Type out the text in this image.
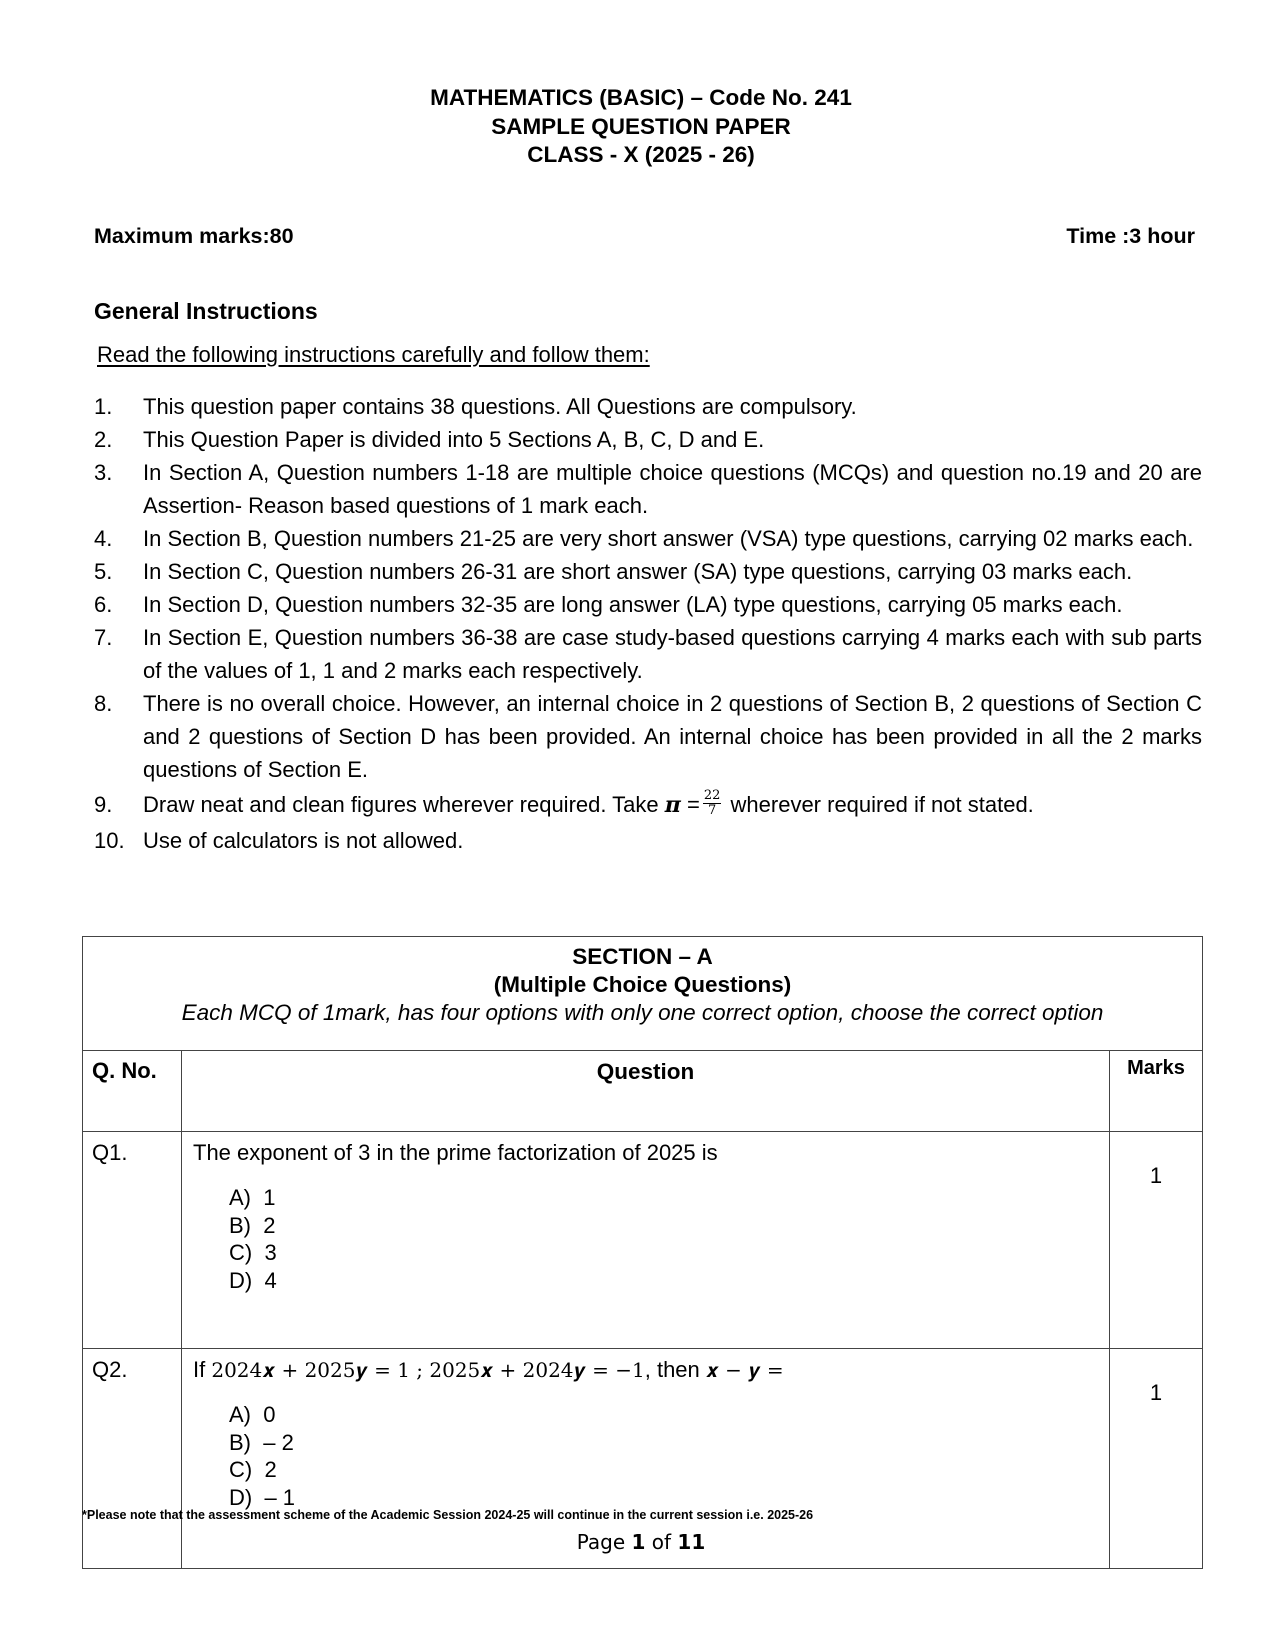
MATHEMATICS (BASIC) – Code No. 241
SAMPLE QUESTION PAPER
CLASS - X (2025 - 26)
Maximum marks:80	Time :3 hour
General Instructions
Read the following instructions carefully and follow them:
1.	This question paper contains 38 questions. All Questions are compulsory.
2.	This Question Paper is divided into 5 Sections A, B, C, D and E.
3.	In Section A, Question numbers 1-18 are multiple choice questions (MCQs) and question no.19 and 20 are Assertion- Reason based questions of 1 mark each.
4.	In Section B, Question numbers 21-25 are very short answer (VSA) type questions, carrying 02 marks each.
5.	In Section C, Question numbers 26-31 are short answer (SA) type questions, carrying 03 marks each.
6.	In Section D, Question numbers 32-35 are long answer (LA) type questions, carrying 05 marks each.
7.	In Section E, Question numbers 36-38 are case study-based questions carrying 4 marks each with sub parts of the values of 1, 1 and 2 marks each respectively.
8.	There is no overall choice. However, an internal choice in 2 questions of Section B, 2 questions of Section C and 2 questions of Section D has been provided. An internal choice has been provided in all the 2 marks questions of Section E.
9.	Draw neat and clean figures wherever required. Take $\pi = \frac{22}{7}$ wherever required if not stated.
10. Use of calculators is not allowed.
SECTION – A
(Multiple Choice Questions)
Each MCQ of 1mark, has four options with only one correct option, choose the correct option		

Q. No.	Question	Marks
Q1.	The exponent of 3 in the prime factorization of 2025 is
A)  1
B)  2
C)  3
D)  4	1
Q2.	If 2024𝒙 + 2025𝒚 = 1 ; 2025𝒙 + 2024𝒚 = −1, then 𝒙 − 𝒚 =
A)  0
B)  – 2
C)  2
D)  – 1	1
*Please note that the assessment scheme of the Academic Session 2024-25 will continue in the current session i.e. 2025-26
Page 1 of 11
